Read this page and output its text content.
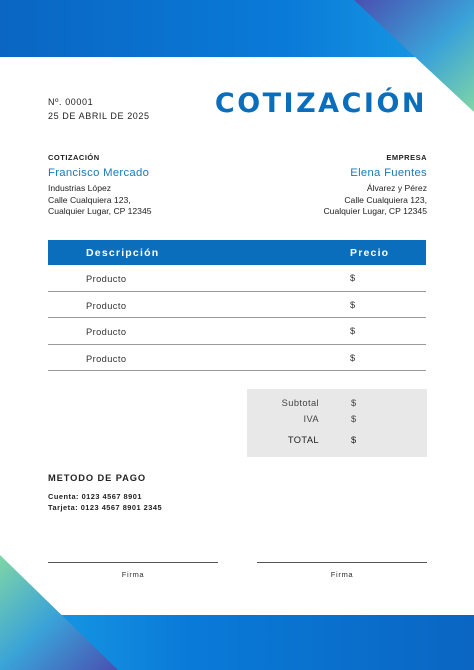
Nº. 00001
25 DE ABRIL DE 2025 COTIZACIÓN
COTIZACIÓN
Francisco Mercado
Industrias López
Calle Cualquiera 123,
Cualquier Lugar, CP 12345
EMPRESA
Elena Fuentes
Álvarez y Pérez
Calle Cualquiera 123,
Cualquier Lugar, CP 12345
Descripción	Precio
Producto	$
Producto	$
Producto	$
Producto	$
Subtotal	$
IVA	$
TOTAL	$
METODO DE PAGO
Cuenta: 0123 4567 8901
Tarjeta: 0123 4567 8901 2345
Firma	Firma
